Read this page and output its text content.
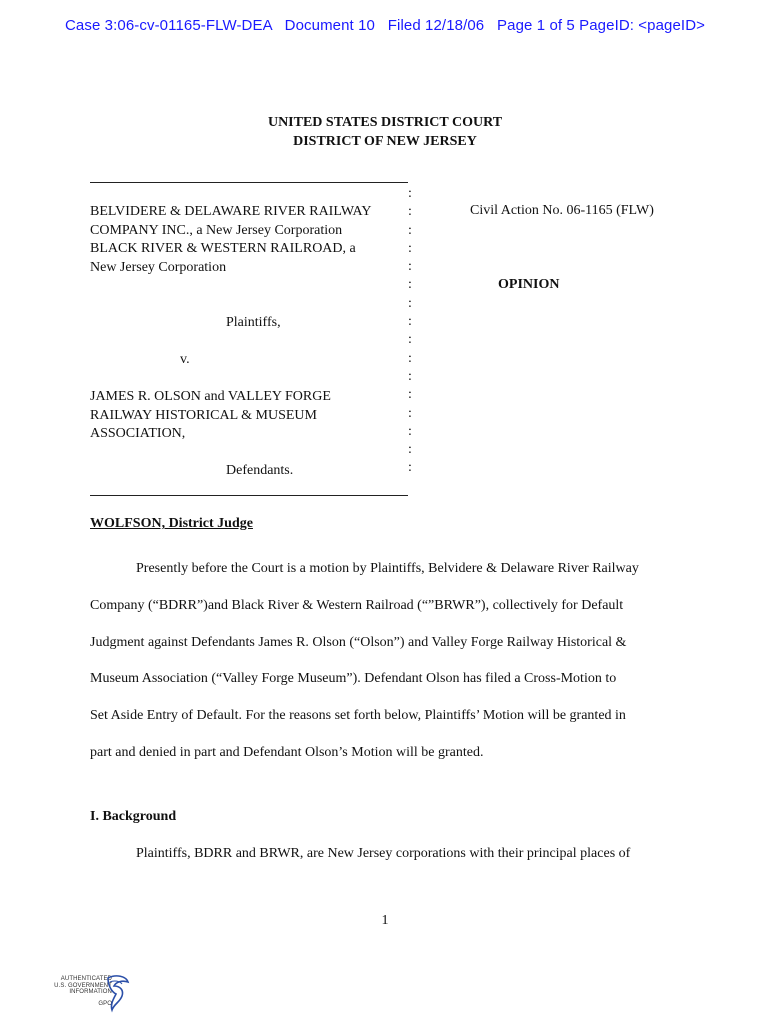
Case 3:06-cv-01165-FLW-DEA   Document 10   Filed 12/18/06   Page 1 of 5 PageID: <pageID>
UNITED STATES DISTRICT COURT
DISTRICT OF NEW JERSEY
BELVIDERE & DELAWARE RIVER RAILWAY
COMPANY INC., a New Jersey Corporation
BLACK RIVER & WESTERN RAILROAD, a
New Jersey Corporation
Plaintiffs,
v.
JAMES R. OLSON and VALLEY FORGE
RAILWAY HISTORICAL & MUSEUM
ASSOCIATION,
Defendants.
:
:
:
:
:
:
:
:
:
:
:
:
:
:
:
:
Civil Action No. 06-1165 (FLW)
OPINION
WOLFSON, District Judge
Presently before the Court is a motion by Plaintiffs, Belvidere & Delaware River Railway
Company (“BDRR”)and Black River & Western Railroad (“”BRWR”), collectively for Default
Judgment against Defendants James R. Olson (“Olson”) and Valley Forge Railway Historical &
Museum Association (“Valley Forge Museum”). Defendant Olson has filed a Cross-Motion to
Set Aside Entry of Default. For the reasons set forth below, Plaintiffs’ Motion will be granted in
part and denied in part and Defendant Olson’s Motion will be granted.
I. Background
Plaintiffs, BDRR and BRWR, are New Jersey corporations with their principal places of
1
AUTHENTICATED
U.S. GOVERNMENT
INFORMATION
GPO
